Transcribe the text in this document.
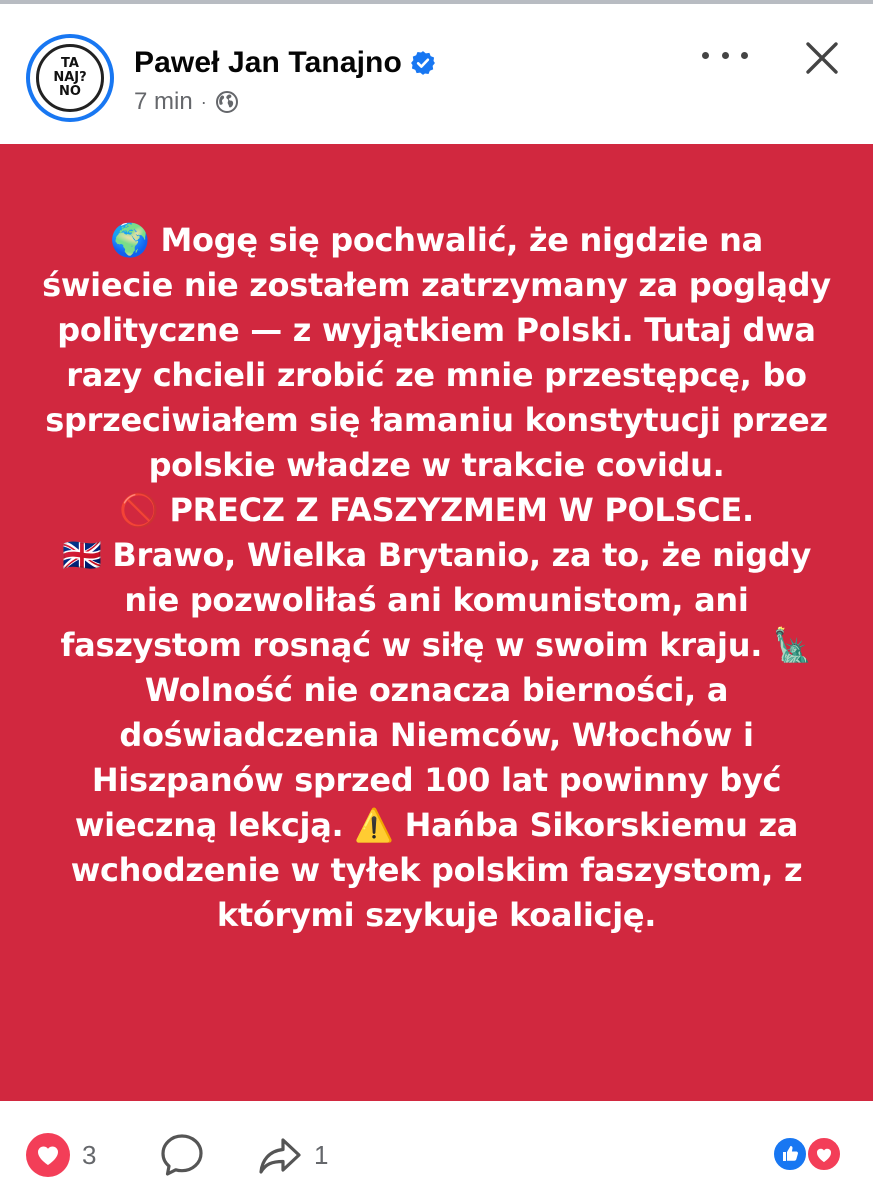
TA
NAJ?
NO
Paweł Jan Tanajno
7 min ·

🌍 Mogę się pochwalić, że nigdzie na świecie nie zostałem zatrzymany za poglądy polityczne — z wyjątkiem Polski. Tutaj dwa razy chcieli zrobić ze mnie przestępcę, bo sprzeciwiałem się łamaniu konstytucji przez polskie władze w trakcie covidu.

🚫 PRECZ Z FASZYZMEM W POLSCE.

🇬🇧 Brawo, Wielka Brytanio, za to, że nigdy nie pozwoliłaś ani komunistom, ani faszystom rosnąć w siłę w swoim kraju. 🗽 Wolność nie oznacza bierności, a doświadczenia Niemców, Włochów i Hiszpanów sprzed 100 lat powinny być wieczną lekcją. ⚠️ Hańba Sikorskiemu za wchodzenie w tyłek polskim faszystom, z którymi szykuje koalicję.

3	1
